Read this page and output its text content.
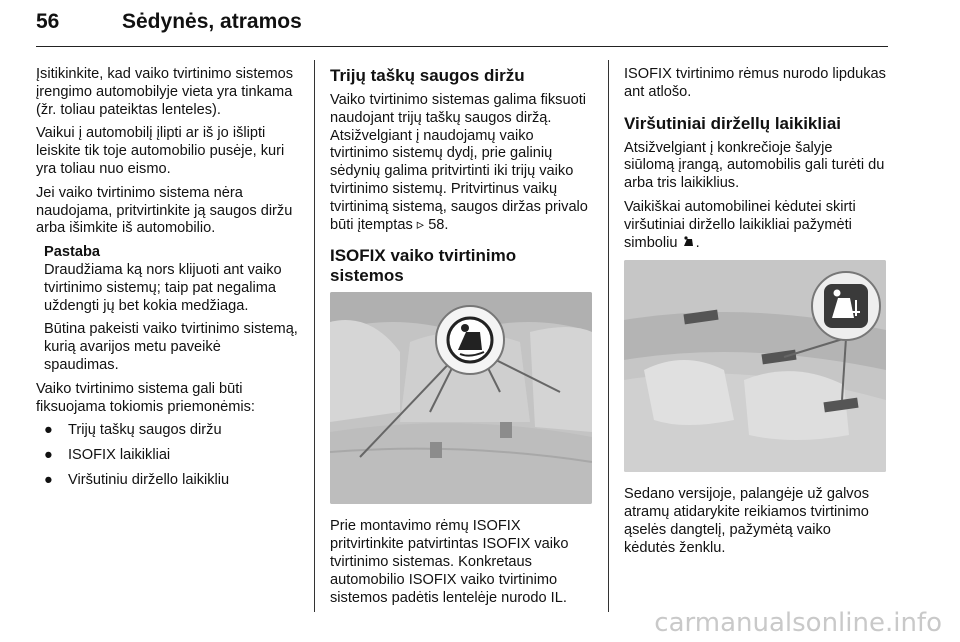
56	Sėdynės, atramos

Įsitikinkite, kad vaiko tvirtinimo sistemos įrengimo automobilyje vieta yra tinkama (žr. toliau pateiktas lenteles).

Vaikui į automobilį įlipti ar iš jo išlipti leiskite tik toje automobilio pusėje, kuri yra toliau nuo eismo.

Jei vaiko tvirtinimo sistema nėra naudojama, pritvirtinkite ją saugos diržu arba išimkite iš automobilio.

Pastaba

Draudžiama ką nors klijuoti ant vaiko tvirtinimo sistemų; taip pat negalima uždengti jų bet kokia medžiaga.

Būtina pakeisti vaiko tvirtinimo sistemą, kurią avarijos metu paveikė spaudimas.

Vaiko tvirtinimo sistema gali būti fiksuojama tokiomis priemonėmis:

● Trijų taškų saugos diržu
● ISOFIX laikikliai
● Viršutiniu diržello laikikliu

Trijų taškų saugos diržu

Vaiko tvirtinimo sistemas galima fiksuoti naudojant trijų taškų saugos diržą. Atsižvelgiant į naudojamų vaiko tvirtinimo sistemų dydį, prie galinių sėdynių galima pritvirtinti iki trijų vaiko tvirtinimo sistemų. Pritvirtinus vaikų tvirtinimą sistemą, saugos diržas privalo būti įtemptas ▹ 58.

ISOFIX vaiko tvirtinimo sistemos

Prie montavimo rėmų ISOFIX pritvirtinkite patvirtintas ISOFIX vaiko tvirtinimo sistemas. Konkretaus automobilio ISOFIX vaiko tvirtinimo sistemos padėtis lentelėje nurodo IL.

ISOFIX tvirtinimo rėmus nurodo lipdukas ant atlošo.

Viršutiniai diržellų laikikliai

Atsižvelgiant į konkrečioje šalyje siūlomą įrangą, automobilis gali turėti du arba tris laikiklius.

Vaikiškai automobilinei kėdutei skirti viršutiniai diržello laikikliai pažymėti simboliu .

Sedano versijoje, palangėje už galvos atramų atidarykite reikiamos tvirtinimo ąselės dangtelį, pažymėtą vaiko kėdutės ženklu.

carmanualsonline.info
